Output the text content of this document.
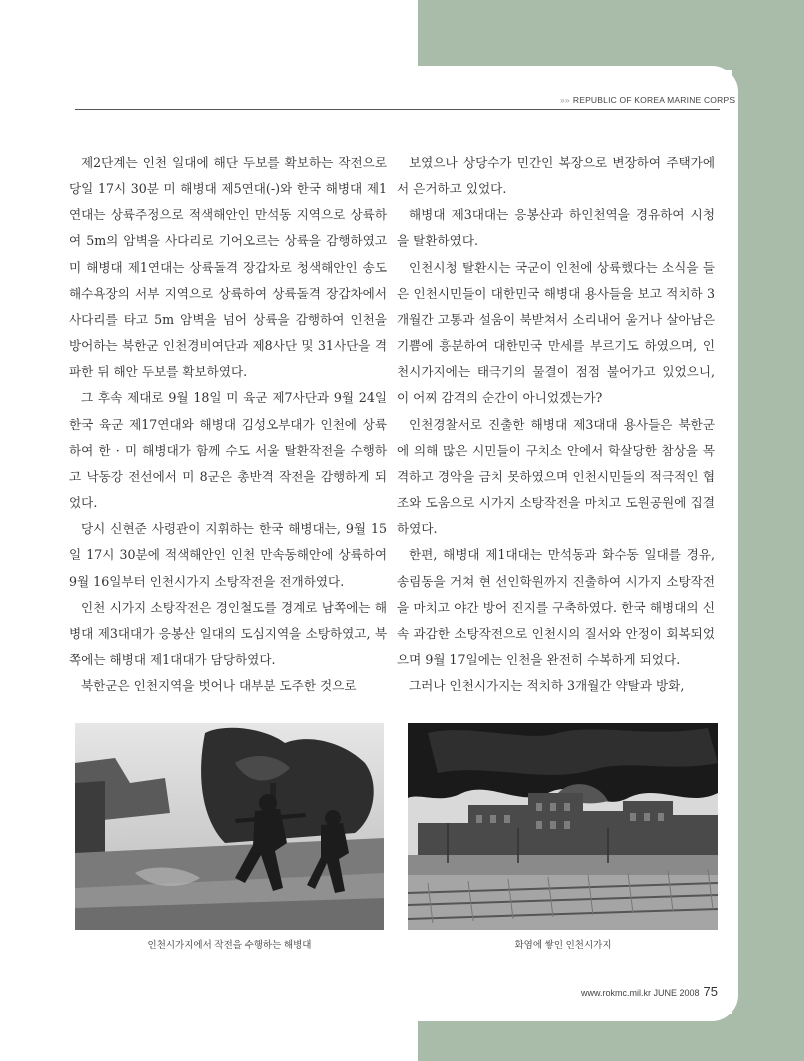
»» REPUBLIC OF KOREA MARINE CORPS

제2단계는 인천 일대에 해단 두보를 확보하는 작전으로 당일 17시 30분 미 해병대 제5연대(-)와 한국 해병대 제1연대는 상륙주정으로 적색해안인 만석동 지역으로 상륙하여 5m의 암벽을 사다리로 기어오르는 상륙을 감행하였고 미 해병대 제1연대는 상륙돌격 장갑차로 청색해안인 송도해수욕장의 서부 지역으로 상륙하여 상륙돌격 장갑차에서 사다리를 타고 5m 암벽을 넘어 상륙을 감행하여 인천을 방어하는 북한군 인천경비여단과 제8사단 및 31사단을 격파한 뒤 해안 두보를 확보하였다.

그 후속 제대로 9월 18일 미 육군 제7사단과 9월 24일 한국 육군 제17연대와 해병대 김성오부대가 인천에 상륙하여 한 · 미 해병대가 함께 수도 서울 탈환작전을 수행하고 낙동강 전선에서 미 8군은 총반격 작전을 감행하게 되었다.

당시 신현준 사령관이 지휘하는 한국 해병대는, 9월 15일 17시 30분에 적색해안인 인천 만속동해안에 상륙하여 9월 16일부터 인천시가지 소탕작전을 전개하였다.

인천 시가지 소탕작전은 경인철도를 경계로 남쪽에는 해병대 제3대대가 응봉산 일대의 도심지역을 소탕하였고, 북쪽에는 해병대 제1대대가 담당하였다.

북한군은 인천지역을 벗어나 대부분 도주한 것으로

보였으나 상당수가 민간인 복장으로 변장하여 주택가에서 은거하고 있었다.

해병대 제3대대는 응봉산과 하인천역을 경유하여 시청을 탈환하였다.

인천시청 탈환시는 국군이 인천에 상륙했다는 소식을 들은 인천시민들이 대한민국 해병대 용사들을 보고 적치하 3개월간 고통과 설움이 북받쳐서 소리내어 울거나 살아남은 기쁨에 흥분하여 대한민국 만세를 부르기도 하였으며, 인천시가지에는 태극기의 물결이 점점 불어가고 있었으니, 이 어찌 감격의 순간이 아니었겠는가?

인천경찰서로 진출한 해병대 제3대대 용사들은 북한군에 의해 많은 시민들이 구치소 안에서 학살당한 참상을 목격하고 경악을 금치 못하였으며 인천시민들의 적극적인 협조와 도움으로 시가지 소탕작전을 마치고 도원공원에 집결하였다.

한편, 해병대 제1대대는 만석동과 화수동 일대를 경유, 송림동을 거쳐 현 선인학원까지 진출하여 시가지 소탕작전을 마치고 야간 방어 진지를 구축하였다. 한국 해병대의 신속 과감한 소탕작전으로 인천시의 질서와 안정이 회복되었으며 9월 17일에는 인천을 완전히 수복하게 되었다.

그러나 인천시가지는 적치하 3개월간 약탈과 방화,

인천시가지에서 작전을 수행하는 해병대	화염에 쌓인 인천시가지
www.rokmc.mil.kr JUNE 2008 75
